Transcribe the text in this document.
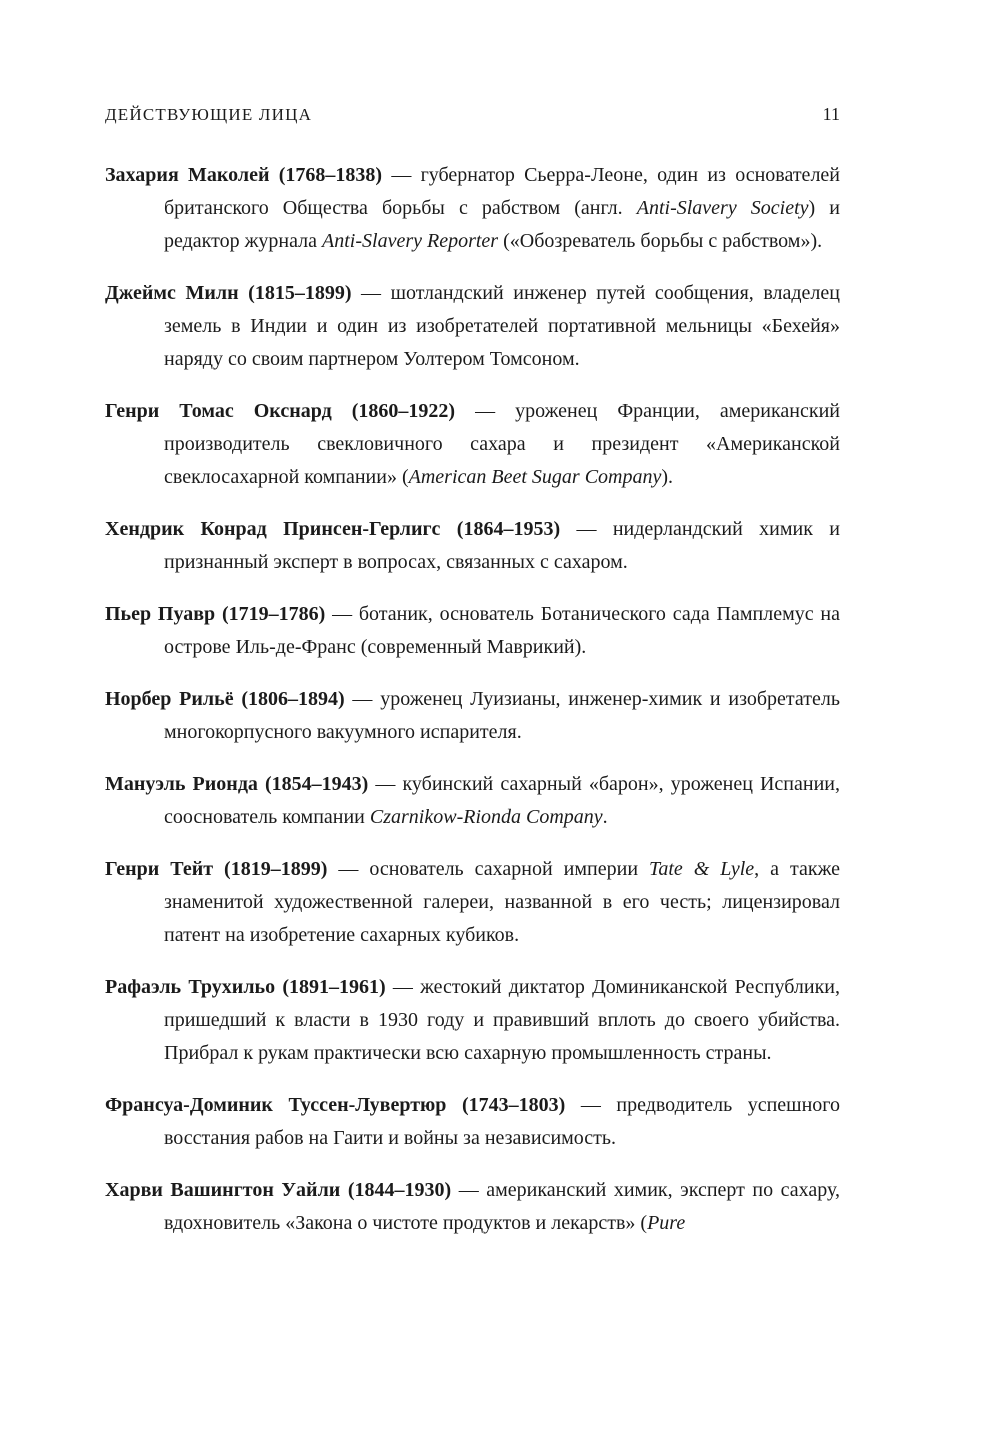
ДЕЙСТВУЮЩИЕ ЛИЦА	11

Захария Маколей (1768–1838) — губернатор Сьерра-Леоне, один из основателей британского Общества борьбы с рабством (англ. Anti-Slavery Society) и редактор журнала Anti-Slavery Reporter («Обозреватель борьбы с рабством»).

Джеймс Милн (1815–1899) — шотландский инженер путей сообщения, владелец земель в Индии и один из изобретателей портативной мельницы «Бехейя» наряду со своим партнером Уолтером Томсоном.

Генри Томас Окснард (1860–1922) — уроженец Франции, американский производитель свекловичного сахара и президент «Американской свеклосахарной компании» (American Beet Sugar Company).

Хендрик Конрад Принсен-Герлигс (1864–1953) — нидерландский химик и признанный эксперт в вопросах, связанных с сахаром.

Пьер Пуавр (1719–1786) — ботаник, основатель Ботанического сада Памплемус на острове Иль-де-Франс (современный Маврикий).

Норбер Рильё (1806–1894) — уроженец Луизианы, инженер-химик и изобретатель многокорпусного вакуумного испарителя.

Мануэль Рионда (1854–1943) — кубинский сахарный «барон», уроженец Испании, сооснователь компании Czarnikow-Rionda Company.

Генри Тейт (1819–1899) — основатель сахарной империи Tate & Lyle, а также знаменитой художественной галереи, названной в его честь; лицензировал патент на изобретение сахарных кубиков.

Рафаэль Трухильо (1891–1961) — жестокий диктатор Доминиканской Республики, пришедший к власти в 1930 году и правивший вплоть до своего убийства. Прибрал к рукам практически всю сахарную промышленность страны.

Франсуа-Доминик Туссен-Лувертюр (1743–1803) — предводитель успешного восстания рабов на Гаити и войны за независимость.

Харви Вашингтон Уайли (1844–1930) — американский химик, эксперт по сахару, вдохновитель «Закона о чистоте продуктов и лекарств» (Pure
